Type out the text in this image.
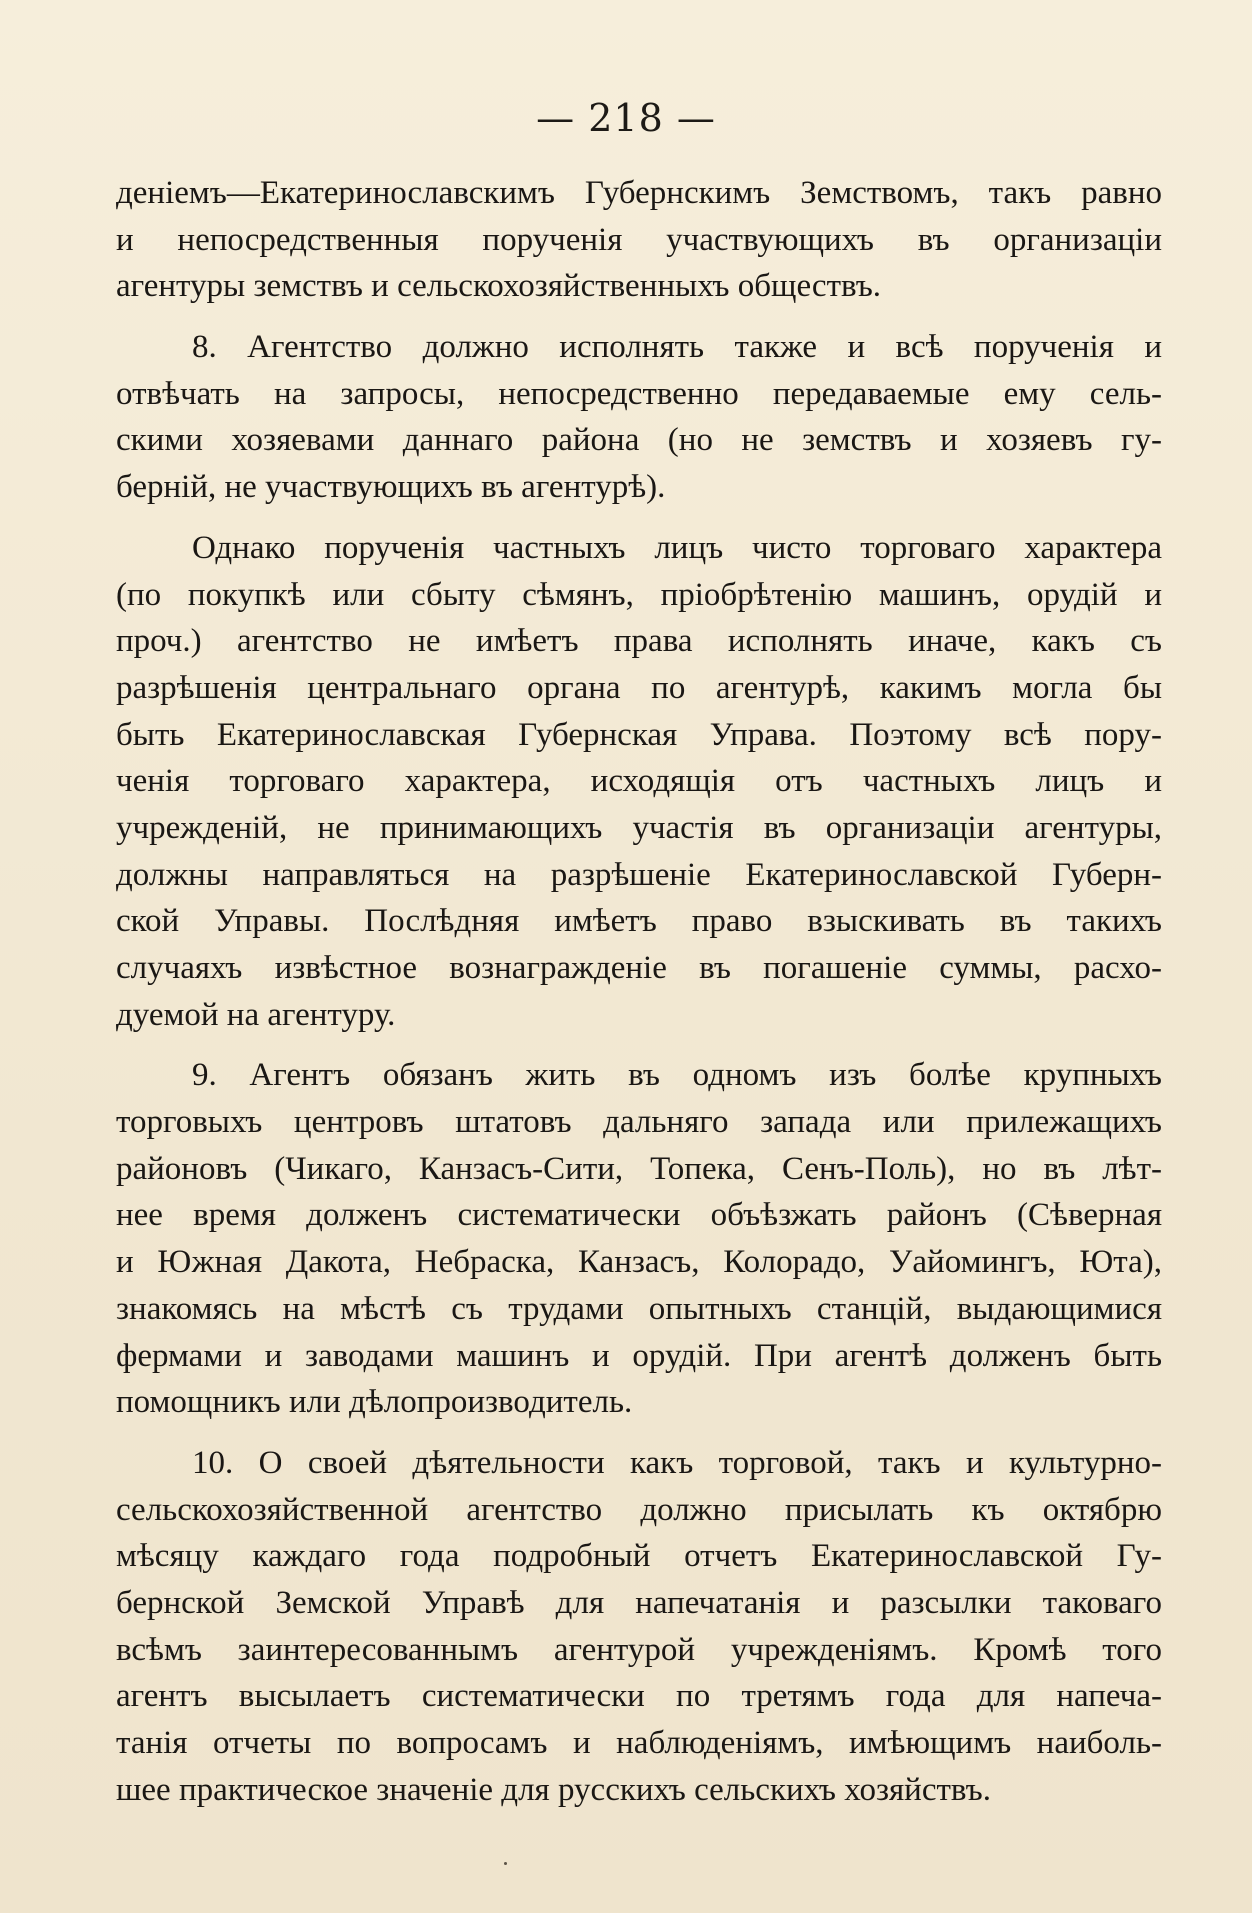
— 218 —
деніемъ—Екатеринославскимъ Губернскимъ Земствомъ, такъ равно
и непосредственныя порученія участвующихъ въ организаціи
агентуры земствъ и сельскохозяйственныхъ обществъ.
8. Агентство должно исполнять также и всѣ порученія и
отвѣчать на запросы, непосредственно передаваемые ему сель-
скими хозяевами даннаго района (но не земствъ и хозяевъ гу-
берній, не участвующихъ въ агентурѣ).
Однако порученія частныхъ лицъ чисто торговаго характера
(по покупкѣ или сбыту сѣмянъ, пріобрѣтенію машинъ, орудій и
проч.) агентство не имѣетъ права исполнять иначе, какъ съ
разрѣшенія центральнаго органа по агентурѣ, какимъ могла бы
быть Екатеринославская Губернская Управа. Поэтому всѣ пору-
ченія торговаго характера, исходящія отъ частныхъ лицъ и
учрежденій, не принимающихъ участія въ организаціи агентуры,
должны направляться на разрѣшеніе Екатеринославской Губерн-
ской Управы. Послѣдняя имѣетъ право взыскивать въ такихъ
случаяхъ извѣстное вознагражденіе въ погашеніе суммы, расхо-
дуемой на агентуру.
9. Агентъ обязанъ жить въ одномъ изъ болѣе крупныхъ
торговыхъ центровъ штатовъ дальняго запада или прилежащихъ
районовъ (Чикаго, Канзасъ-Сити, Топека, Сенъ-Поль), но въ лѣт-
нее время долженъ систематически объѣзжать районъ (Сѣверная
и Южная Дакота, Небраска, Канзасъ, Колорадо, Уайомингъ, Юта),
знакомясь на мѣстѣ съ трудами опытныхъ станцій, выдающимися
фермами и заводами машинъ и орудій. При агентѣ долженъ быть
помощникъ или дѣлопроизводитель.
10. О своей дѣятельности какъ торговой, такъ и культурно-
сельскохозяйственной агентство должно присылать къ октябрю
мѣсяцу каждаго года подробный отчетъ Екатеринославской Гу-
бернской Земской Управѣ для напечатанія и разсылки таковаго
всѣмъ заинтересованнымъ агентурой учрежденіямъ. Кромѣ того
агентъ высылаетъ систематически по третямъ года для напеча-
танія отчеты по вопросамъ и наблюденіямъ, имѣющимъ наиболь-
шее практическое значеніе для русскихъ сельскихъ хозяйствъ.
